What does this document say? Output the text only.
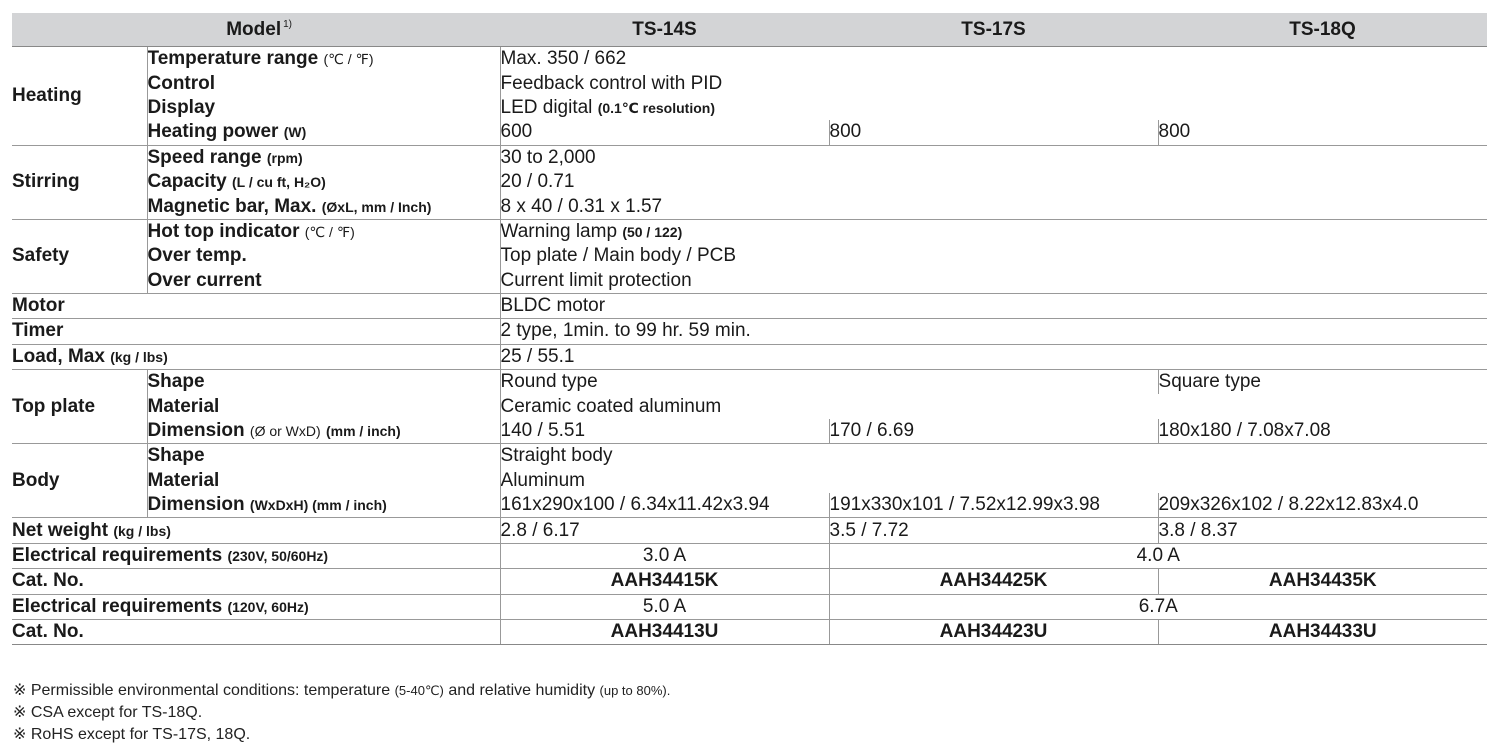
Model $^{1)}$		TS-14S	TS-17S	TS-18Q
Heating	Temperature range (℃ / ℉)	Max. 350 / 662		
	Control	Feedback control with PID		
	Display	LED digital (0.1℃ resolution)		
	Heating power (W)	600	800	800
Stirring	Speed range (rpm)	30 to 2,000		
	Capacity (L / cu ft, H₂O)	20 / 0.71		
	Magnetic bar, Max. (ØxL, mm / Inch)	8 x 40 / 0.31 x 1.57		
Safety	Hot top indicator (℃ / ℉)	Warning lamp (50 / 122)		
	Over temp.	Top plate / Main body / PCB		
	Over current	Current limit protection		
Motor		BLDC motor		
Timer		2 type, 1min. to 99 hr. 59 min.		
Load, Max (kg / lbs)		25 / 55.1		
Top plate	Shape	Round type		Square type
	Material	Ceramic coated aluminum		
	Dimension (Ø or WxD) (mm / inch)	140 / 5.51	170 / 6.69	180x180 / 7.08x7.08
Body	Shape	Straight body		
	Material	Aluminum		
	Dimension (WxDxH) (mm / inch)	161x290x100 / 6.34x11.42x3.94	191x330x101 / 7.52x12.99x3.98	209x326x102 / 8.22x12.83x4.0
Net weight (kg / lbs)		2.8 / 6.17	3.5 / 7.72	3.8 / 8.37
Electrical requirements (230V, 50/60Hz)		3.0 A	4.0 A	
Cat. No.		AAH34415K	AAH34425K	AAH34435K
Electrical requirements (120V, 60Hz)		5.0 A	6.7A	
Cat. No.		AAH34413U	AAH34423U	AAH34433U
※ Permissible environmental conditions: temperature (5-40℃) and relative humidity (up to 80%).
※ CSA except for TS-18Q.
※ RoHS except for TS-17S, 18Q.
